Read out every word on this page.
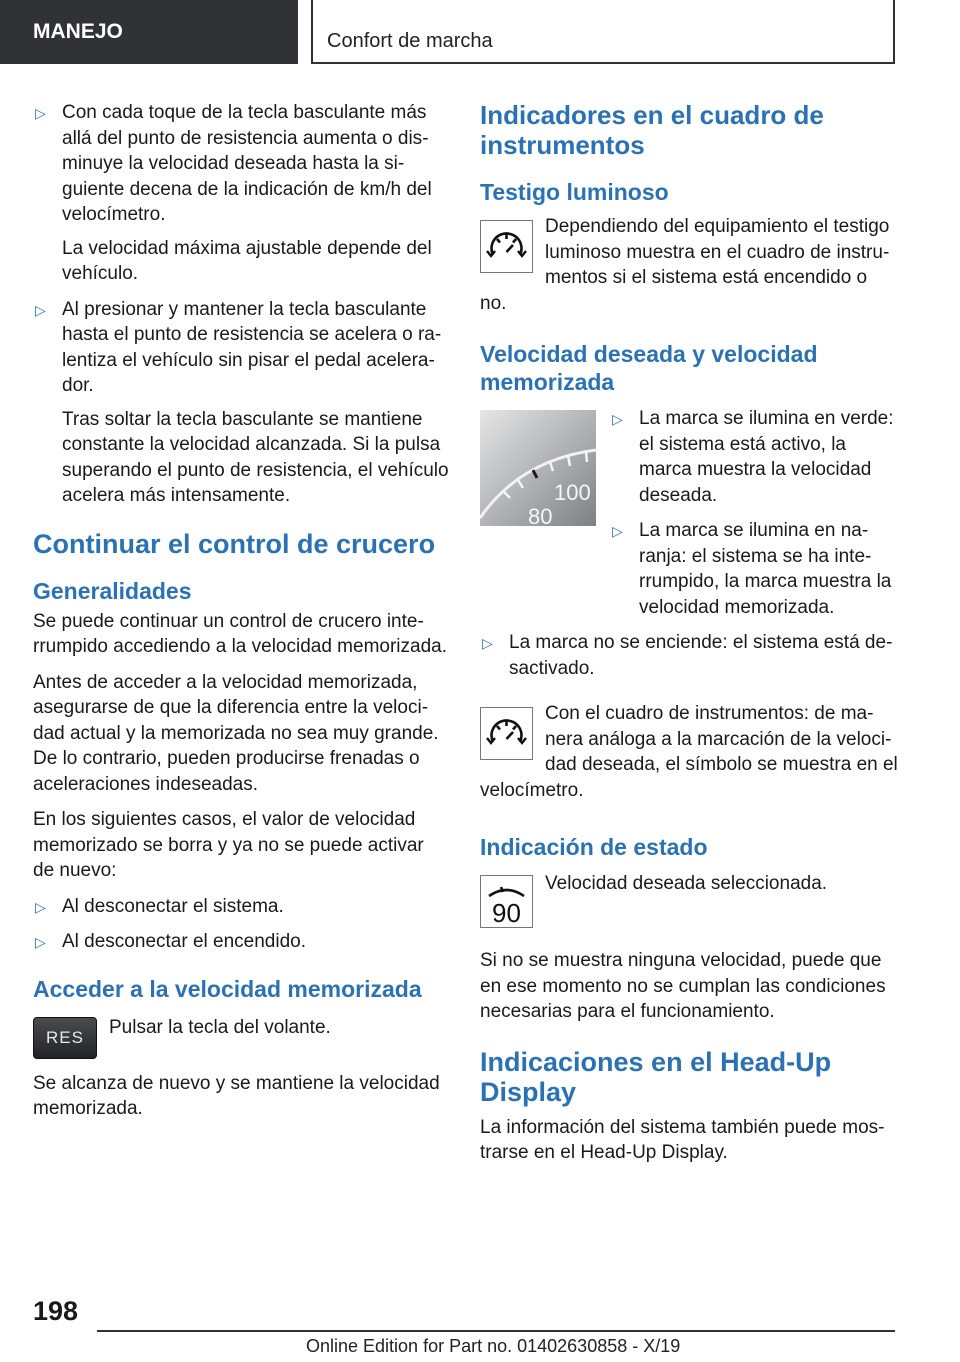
MANEJO	Confort de marcha
▷ Con cada toque de la tecla basculante más allá del punto de resistencia aumenta o disminuye la velocidad deseada hasta la siguiente decena de la indicación de km/h del velocímetro.

La velocidad máxima ajustable depende del vehículo.

▷ Al presionar y mantener la tecla basculante hasta el punto de resistencia se acelera o ralentiza el vehículo sin pisar el pedal acelerador.

Tras soltar la tecla basculante se mantiene constante la velocidad alcanzada. Si la pulsa superando el punto de resistencia, el vehículo acelera más intensamente.

Continuar el control de crucero
Generalidades

Se puede continuar un control de crucero interrumpido accediendo a la velocidad memorizada.

Antes de acceder a la velocidad memorizada, asegurarse de que la diferencia entre la velocidad actual y la memorizada no sea muy grande. De lo contrario, pueden producirse frenadas o aceleraciones indeseadas.

En los siguientes casos, el valor de velocidad memorizado se borra y ya no se puede activar de nuevo:

▷ Al desconectar el sistema.

▷ Al desconectar el encendido.

Acceder a la velocidad memorizada
RES	Pulsar la tecla del volante.

Se alcanza de nuevo y se mantiene la velocidad memorizada.

Indicadores en el cuadro de instrumentos
Testigo luminoso

Dependiendo del equipamiento el testigo luminoso muestra en el cuadro de instrumentos si el sistema está encendido o no.

Velocidad deseada y velocidad memorizada
100
80
▷ La marca se ilumina en verde: el sistema está activo, la marca muestra la velocidad deseada.

▷ La marca se ilumina en naranja: el sistema se ha interrumpido, la marca muestra la velocidad memorizada.

▷ La marca no se enciende: el sistema está desactivado.

Con el cuadro de instrumentos: de manera análoga a la marcación de la velocidad deseada, el símbolo se muestra en el velocímetro.

Indicación de estado
90

Velocidad deseada seleccionada.

Si no se muestra ninguna velocidad, puede que en ese momento no se cumplan las condiciones necesarias para el funcionamiento.

Indicaciones en el Head-Up Display

La información del sistema también puede mostrarse en el Head-Up Display.

198
Online Edition for Part no. 01402630858 - X/19
